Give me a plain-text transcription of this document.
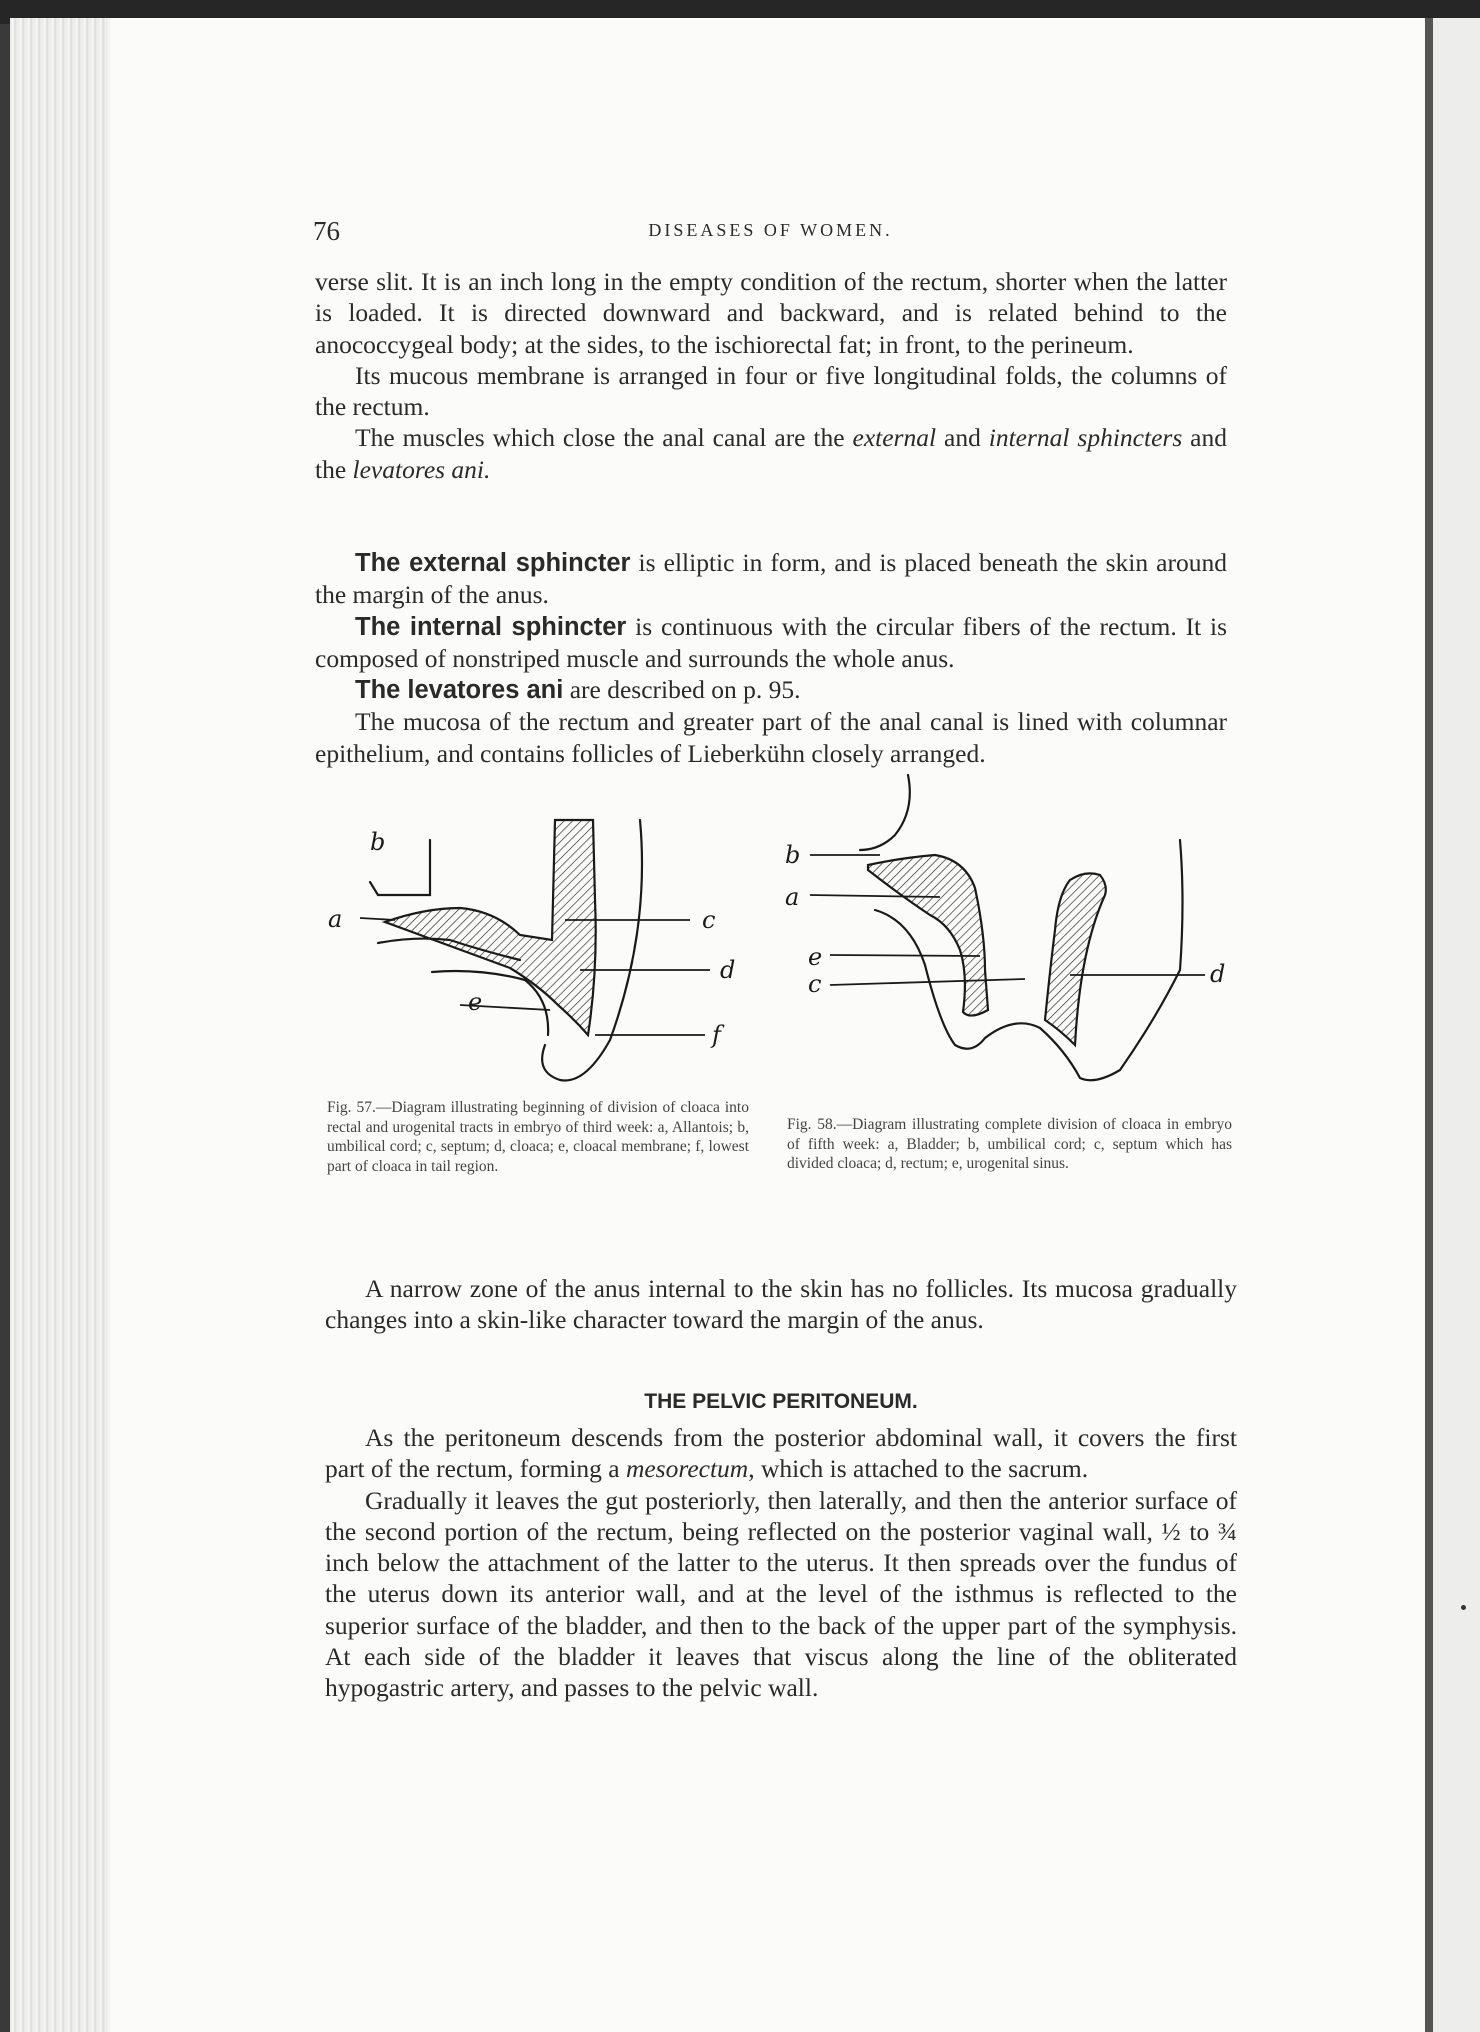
76	DISEASES OF WOMEN.
verse slit. It is an inch long in the empty condition of the rectum, shorter when the latter is loaded. It is directed downward and backward, and is related behind to the anococcygeal body; at the sides, to the ischiorectal fat; in front, to the perineum.
Its mucous membrane is arranged in four or five longitudinal folds, the columns of the rectum.
The muscles which close the anal canal are the external and internal sphincters and the levatores ani.
The external sphincter is elliptic in form, and is placed beneath the skin around the margin of the anus.
The internal sphincter is continuous with the circular fibers of the rectum. It is composed of nonstriped muscle and surrounds the whole anus.
The levatores ani are described on p. 95.
The mucosa of the rectum and greater part of the anal canal is lined with columnar epithelium, and contains follicles of Lieberkühn closely arranged.
b
a	c
d
e
f
b
a
e
c	d

Fig. 57.—Diagram illustrating beginning of division of cloaca into rectal and urogenital tracts in embryo of third week: a, Allantois; b, umbilical cord; c, septum; d, cloaca; e, cloacal membrane; f, lowest part of cloaca in tail region.

Fig. 58.—Diagram illustrating complete division of cloaca in embryo of fifth week: a, Bladder; b, umbilical cord; c, septum which has divided cloaca; d, rectum; e, urogenital sinus.

A narrow zone of the anus internal to the skin has no follicles. Its mucosa gradually changes into a skin-like character toward the margin of the anus.

THE PELVIC PERITONEUM.
As the peritoneum descends from the posterior abdominal wall, it covers the first part of the rectum, forming a mesorectum, which is attached to the sacrum.
Gradually it leaves the gut posteriorly, then laterally, and then the anterior surface of the second portion of the rectum, being reflected on the posterior vaginal wall, ½ to ¾ inch below the attachment of the latter to the uterus. It then spreads over the fundus of the uterus down its anterior wall, and at the level of the isthmus is reflected to the superior surface of the bladder, and then to the back of the upper part of the symphysis. At each side of the bladder it leaves that viscus along the line of the obliterated hypogastric artery, and passes to the pelvic wall.
